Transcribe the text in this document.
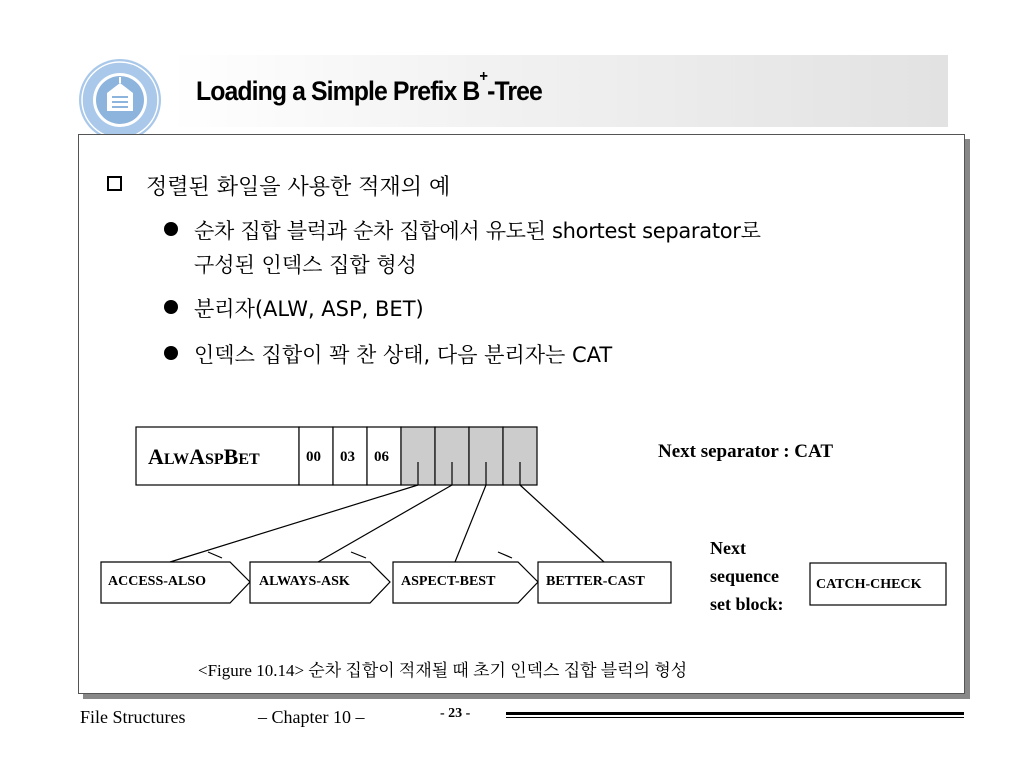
Loading a Simple Prefix B+-Tree
정렬된 화일을 사용한 적재의 예
순차 집합 블럭과 순차 집합에서 유도된 shortest separator로
구성된 인덱스 집합 형성
분리자(ALW, ASP, BET)
인덱스 집합이 꽉 찬 상태, 다음 분리자는 CAT
ALWASPBET	00 03 06	Next separator : CAT
ACCESS-ALSO	ALWAYS-ASK	ASPECT-BEST	BETTER-CAST
Next
sequence
set block:
CATCH-CHECK
<Figure 10.14> 순차 집합이 적재될 때 초기 인덱스 집합 블럭의 형성
File Structures	– Chapter 10 –	- 23 -
